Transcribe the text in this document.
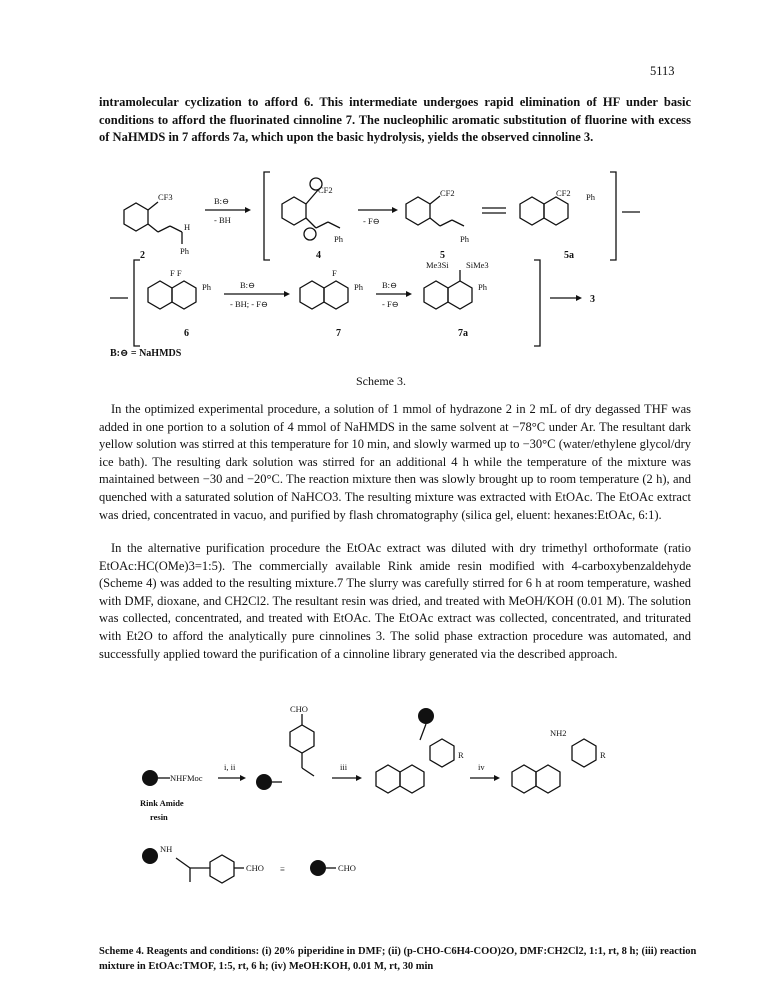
5113

intramolecular cyclization to afford 6. This intermediate undergoes rapid elimination of HF under basic conditions to afford the fluorinated cinnoline 7. The nucleophilic aromatic substitution of fluorine with excess of NaHMDS in 7 affords 7a, which upon the basic hydrolysis, yields the observed cinnoline 3.

CF3
H
Ph
2
B:⊖
- BH
CF2
Ph
4
- F⊖
CF2
Ph
5
CF2 Ph
5a
F F
Ph
6
B:⊖
- BH; - F⊖
F
Ph
7
B:⊖
- F⊖
Me3Si SiMe3
Ph
7a
3
B:⊖ = NaHMDS
Scheme 3.

In the optimized experimental procedure, a solution of 1 mmol of hydrazone 2 in 2 mL of dry degassed THF was added in one portion to a solution of 4 mmol of NaHMDS in the same solvent at −78°C under Ar. The resultant dark yellow solution was stirred at this temperature for 10 min, and slowly warmed up to −30°C (water/ethylene glycol/dry ice bath). The resulting dark solution was stirred for an additional 4 h while the temperature of the mixture was maintained between −30 and −20°C. The reaction mixture then was slowly brought up to room temperature (2 h), and quenched with a saturated solution of NaHCO3. The resulting mixture was extracted with EtOAc. The EtOAc extract was dried, concentrated in vacuo, and purified by flash chromatography (silica gel, eluent: hexanes:EtOAc, 6:1).

In the alternative purification procedure the EtOAc extract was diluted with dry trimethyl orthoformate (ratio EtOAc:HC(OMe)3=1:5). The commercially available Rink amide resin modified with 4-carboxybenzaldehyde (Scheme 4) was added to the resulting mixture.7 The slurry was carefully stirred for 6 h at room temperature, washed with DMF, dioxane, and CH2Cl2. The resultant resin was dried, and treated with MeOH/KOH (0.01 M). The solution was collected, concentrated, and treated with EtOAc. The EtOAc extract was collected, concentrated, and triturated with Et2O to afford the analytically pure cinnolines 3. The solid phase extraction procedure was automated, and successfully applied toward the purification of a cinnoline library generated via the described approach.

NHFMoc
Rink Amide
resin
i, ii
CHO
iii
R
iv
NH2
R
NH
CHO ≡	CHO

Scheme 4. Reagents and conditions: (i) 20% piperidine in DMF; (ii) (p-CHO-C6H4-COO)2O, DMF:CH2Cl2, 1:1, rt, 8 h; (iii) reaction mixture in EtOAc:TMOF, 1:5, rt, 6 h; (iv) MeOH:KOH, 0.01 M, rt, 30 min
